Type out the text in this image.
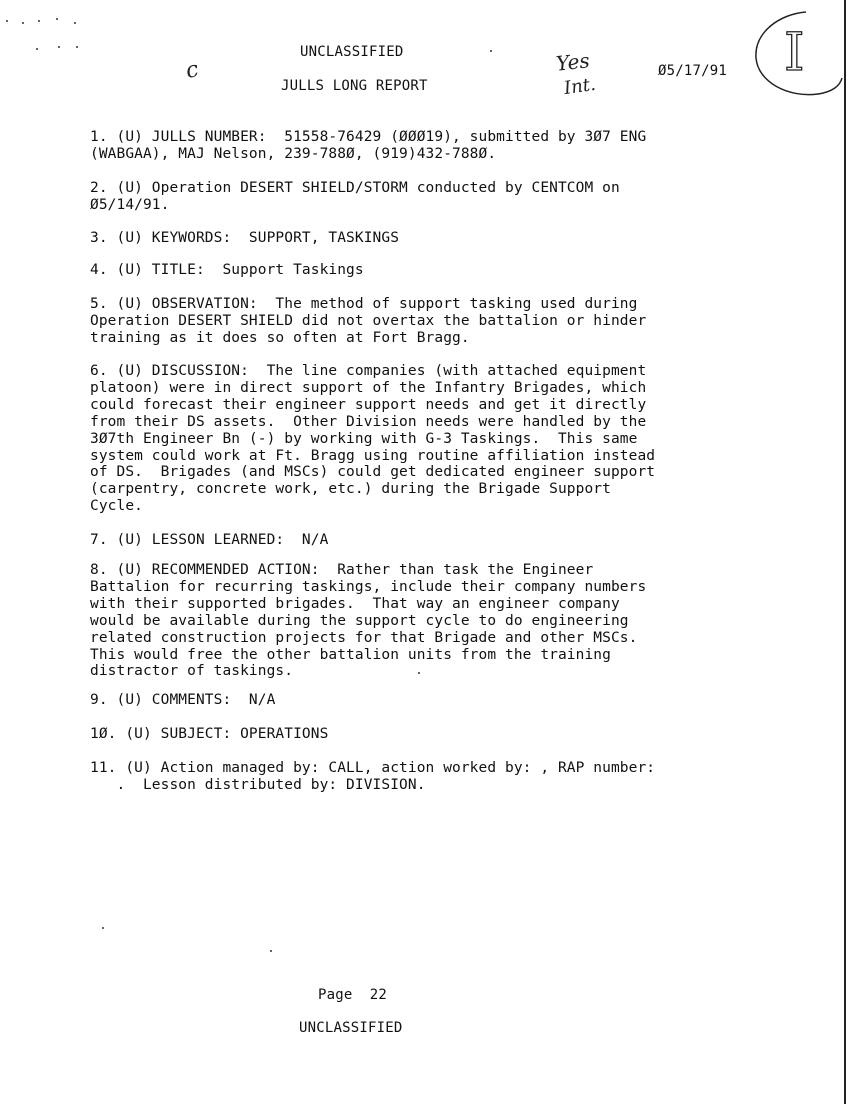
UNCLASSIFIED
JULLS LONG REPORT
Ø5/17/91
c	Yes
Int.
I
1. (U) JULLS NUMBER:  51558-76429 (ØØØ19), submitted by 3Ø7 ENG
(WABGAA), MAJ Nelson, 239-788Ø, (919)432-788Ø.
2. (U) Operation DESERT SHIELD/STORM conducted by CENTCOM on
Ø5/14/91.
3. (U) KEYWORDS:  SUPPORT, TASKINGS
4. (U) TITLE:  Support Taskings
5. (U) OBSERVATION:  The method of support tasking used during
Operation DESERT SHIELD did not overtax the battalion or hinder
training as it does so often at Fort Bragg.
6. (U) DISCUSSION:  The line companies (with attached equipment
platoon) were in direct support of the Infantry Brigades, which
could forecast their engineer support needs and get it directly
from their DS assets.  Other Division needs were handled by the
3Ø7th Engineer Bn (-) by working with G-3 Taskings.  This same
system could work at Ft. Bragg using routine affiliation instead
of DS.  Brigades (and MSCs) could get dedicated engineer support
(carpentry, concrete work, etc.) during the Brigade Support
Cycle.
7. (U) LESSON LEARNED:  N/A
8. (U) RECOMMENDED ACTION:  Rather than task the Engineer
Battalion for recurring taskings, include their company numbers
with their supported brigades.  That way an engineer company
would be available during the support cycle to do engineering
related construction projects for that Brigade and other MSCs.
This would free the other battalion units from the training
distractor of taskings.
9. (U) COMMENTS:  N/A
1Ø. (U) SUBJECT: OPERATIONS
11. (U) Action managed by: CALL, action worked by: , RAP number:
.  Lesson distributed by: DIVISION.
Page  22
UNCLASSIFIED
